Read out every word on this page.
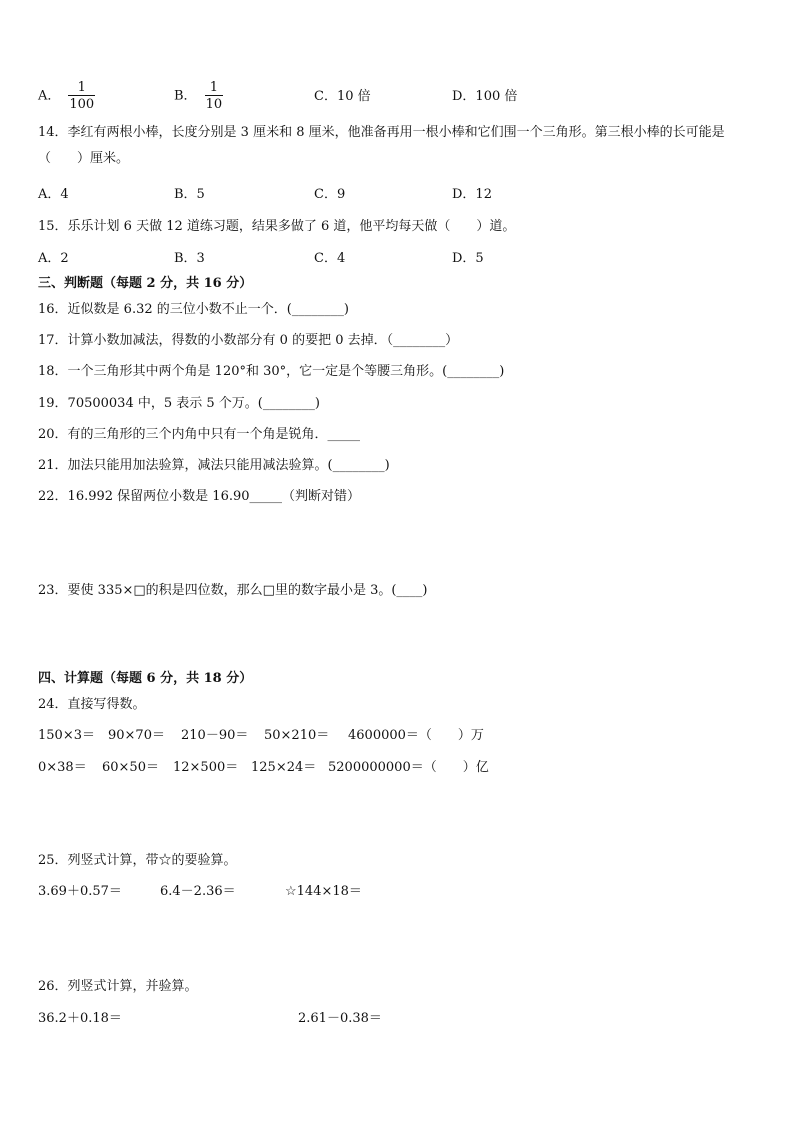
A． $\frac{1}{100}$	B． $\frac{1}{10}$	C．10 倍	D．100 倍
14．李红有两根小棒，长度分别是 3 厘米和 8 厘米，他准备再用一根小棒和它们围一个三角形。第三根小棒的长可能是（　　）厘米。
A．4	B．5	C．9	D．12
15．乐乐计划 6 天做 12 道练习题，结果多做了 6 道，他平均每天做（　　）道。
A．2	B．3	C．4	D．5
三、判断题（每题 2 分，共 16 分）
16．近似数是 6.32 的三位小数不止一个．(________)
17．计算小数加减法，得数的小数部分有 0 的要把 0 去掉．（________）
18．一个三角形其中两个角是 120°和 30°，它一定是个等腰三角形。(________)
19．70500034 中，5 表示 5 个万。(________)
20．有的三角形的三个内角中只有一个角是锐角．_____
21．加法只能用加法验算，减法只能用减法验算。(________)
22．16.992 保留两位小数是 16.90_____（判断对错）
23．要使 335×□的积是四位数，那么□里的数字最小是 3。(____)
四、计算题（每题 6 分，共 18 分）
24．直接写得数。
150×3＝ 90×70＝ 210－90＝ 50×210＝ 4600000＝（　　）万
0×38＝ 60×50＝ 12×500＝ 125×24＝ 5200000000＝（　　）亿
25．列竖式计算，带☆的要验算。
3.69＋0.57＝	6.4－2.36＝	☆144×18＝
26．列竖式计算，并验算。
36.2＋0.18＝	2.61－0.38＝
